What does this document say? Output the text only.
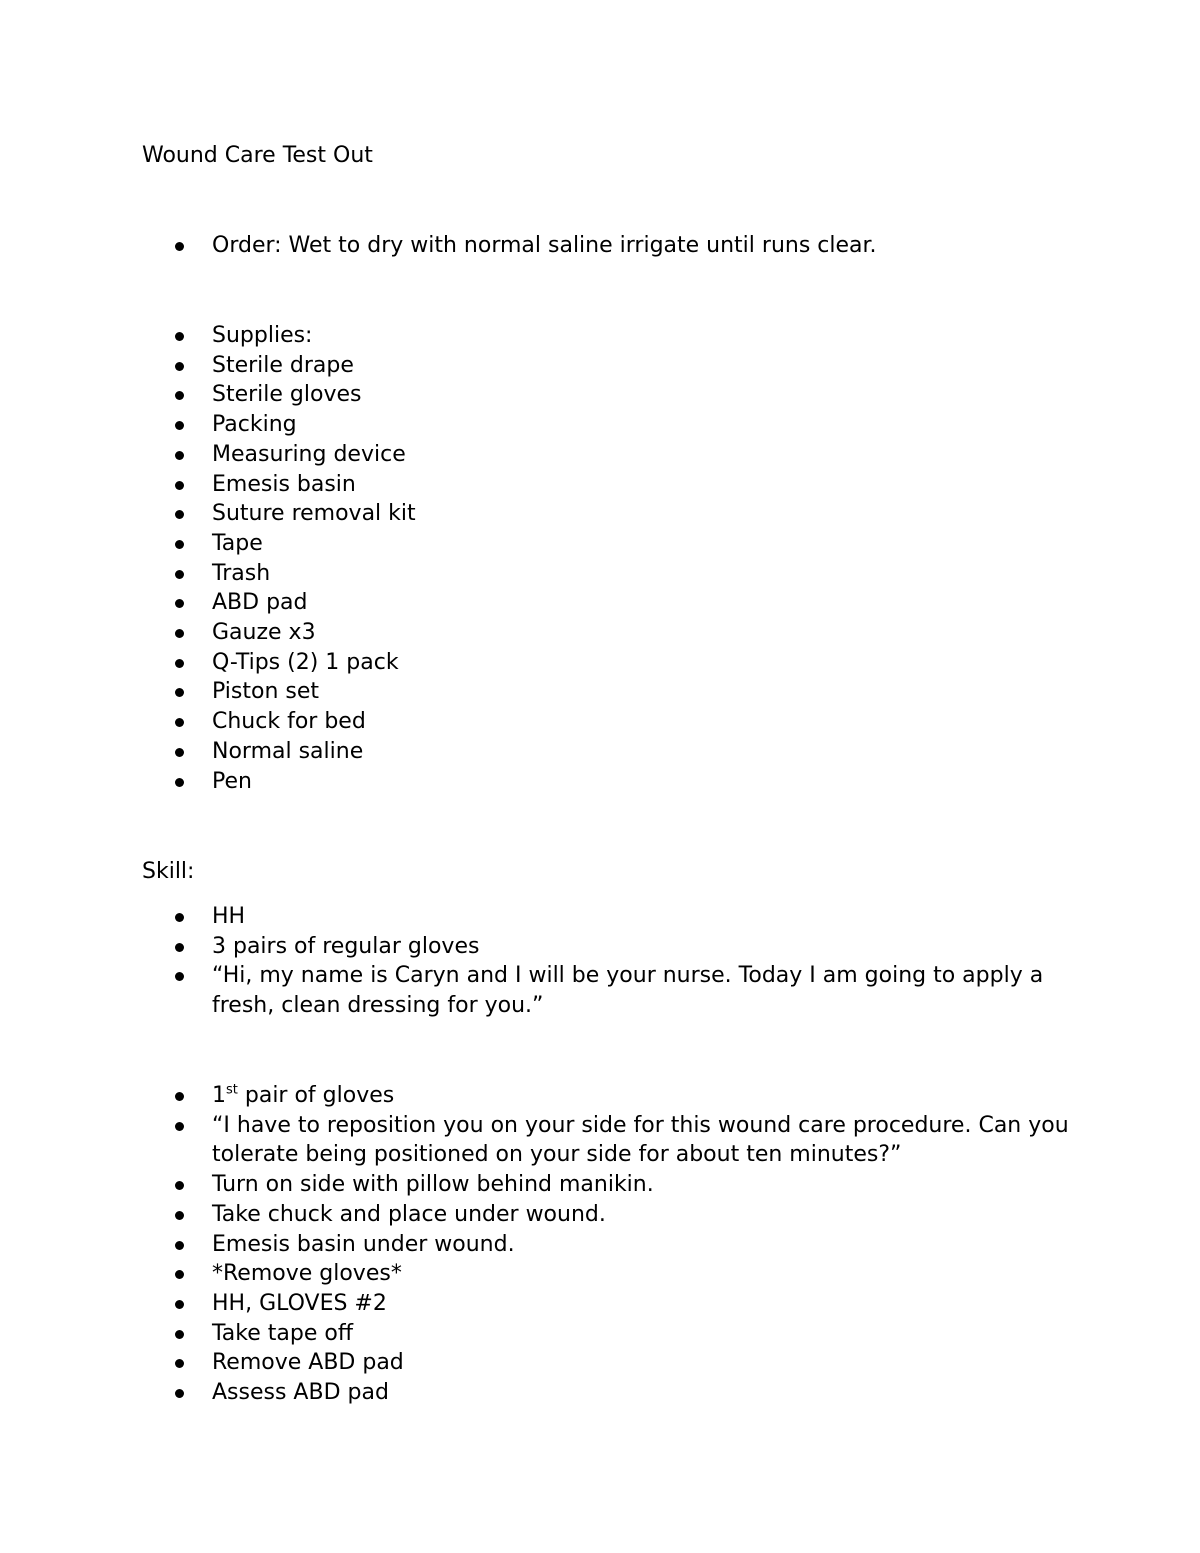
Wound Care Test Out
Order: Wet to dry with normal saline irrigate until runs clear.
Supplies:
Sterile drape
Sterile gloves
Packing
Measuring device
Emesis basin
Suture removal kit
Tape
Trash
ABD pad
Gauze x3
Q-Tips (2) 1 pack
Piston set
Chuck for bed
Normal saline
Pen
Skill:
HH
3 pairs of regular gloves
“Hi, my name is Caryn and I will be your nurse. Today I am going to apply a fresh, clean dressing for you.”
1st pair of gloves
“I have to reposition you on your side for this wound care procedure. Can you tolerate being positioned on your side for about ten minutes?”
Turn on side with pillow behind manikin.
Take chuck and place under wound.
Emesis basin under wound.
*Remove gloves*
HH, GLOVES #2
Take tape off
Remove ABD pad
Assess ABD pad
